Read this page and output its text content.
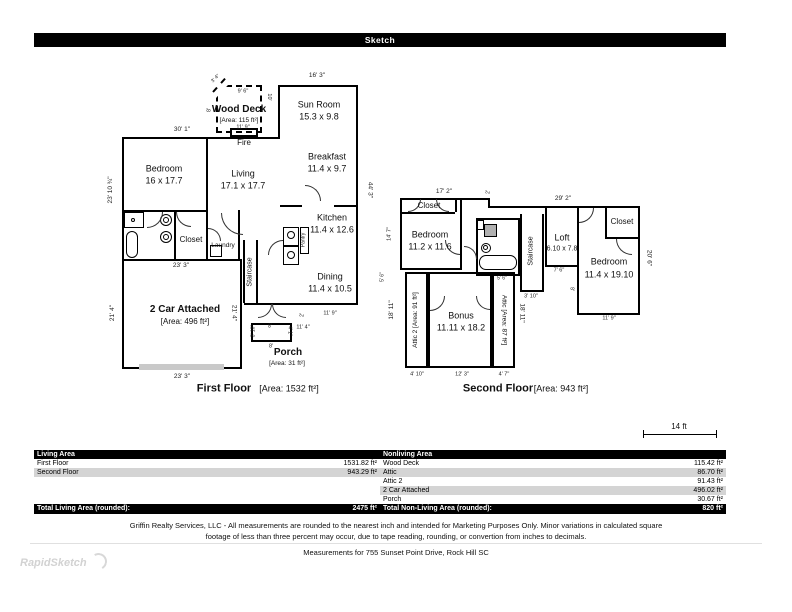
Sketch
Bedroom
16 x 17.7
Living
17.1 x 17.7
Sun Room
15.3 x 9.8
Breakfast
11.4 x 9.7
Kitchen
11.4 x 12.6
Dining
11.4 x 10.5
Closet
Laundry	Pantry
Staircase
Fire
Wood Deck
[Area: 115 ft²]
2 Car Attached
[Area: 496 ft²]
Porch
[Area: 31 ft²]
First Floor [Area: 1532 ft²]
16' 3"
30' 1"
23' 10 ¾"
9' 6"
3' 4"
8'
10'
11' 9"
44' 3"
23' 3"
21' 4"	21' 4"
23' 3"
2'	11' 9"
11' 4"
8'
3' 10"	4' 1"
8'
Closet
Bedroom
11.2 x 11.6	Staircase Loft
6.10 x 7.8
Closet
Bedroom
11.4 x 19.10
Bonus
11.11 x 18.2
Attic 2 [Area: 91 ft²]	Attic [Area: 87 ft²]
Second Floor [Area: 943 ft²]
17' 2"
29' 2"
2'
14' 7"
5' 6"
7' 6"
3' 10"
5' 6"
8'
20' 6"
11' 9"
18' 11"	18' 11"
4' 10"	12' 3"	4' 7"
14 ft
Living Area	Nonliving Area
First Floor	1531.82 ft² Wood Deck	115.42 ft²
Second Floor	943.29 ft² Attic	86.70 ft²
Attic 2	91.43 ft²
2 Car Attached	496.02 ft²
Porch	30.67 ft²
Total Living Area (rounded):	2475 ft² Total Non-Living Area (rounded):	820 ft²
Griffin Realty Services, LLC - All measurements are rounded to the nearest inch and intended for Marketing Purposes Only. Minor variations in calculated square
footage of less than three percent may occur, due to tape reading, rounding, or convertion from inches to decimals.
Measurements for 755 Sunset Point Drive, Rock Hill SC
RapidSketch
